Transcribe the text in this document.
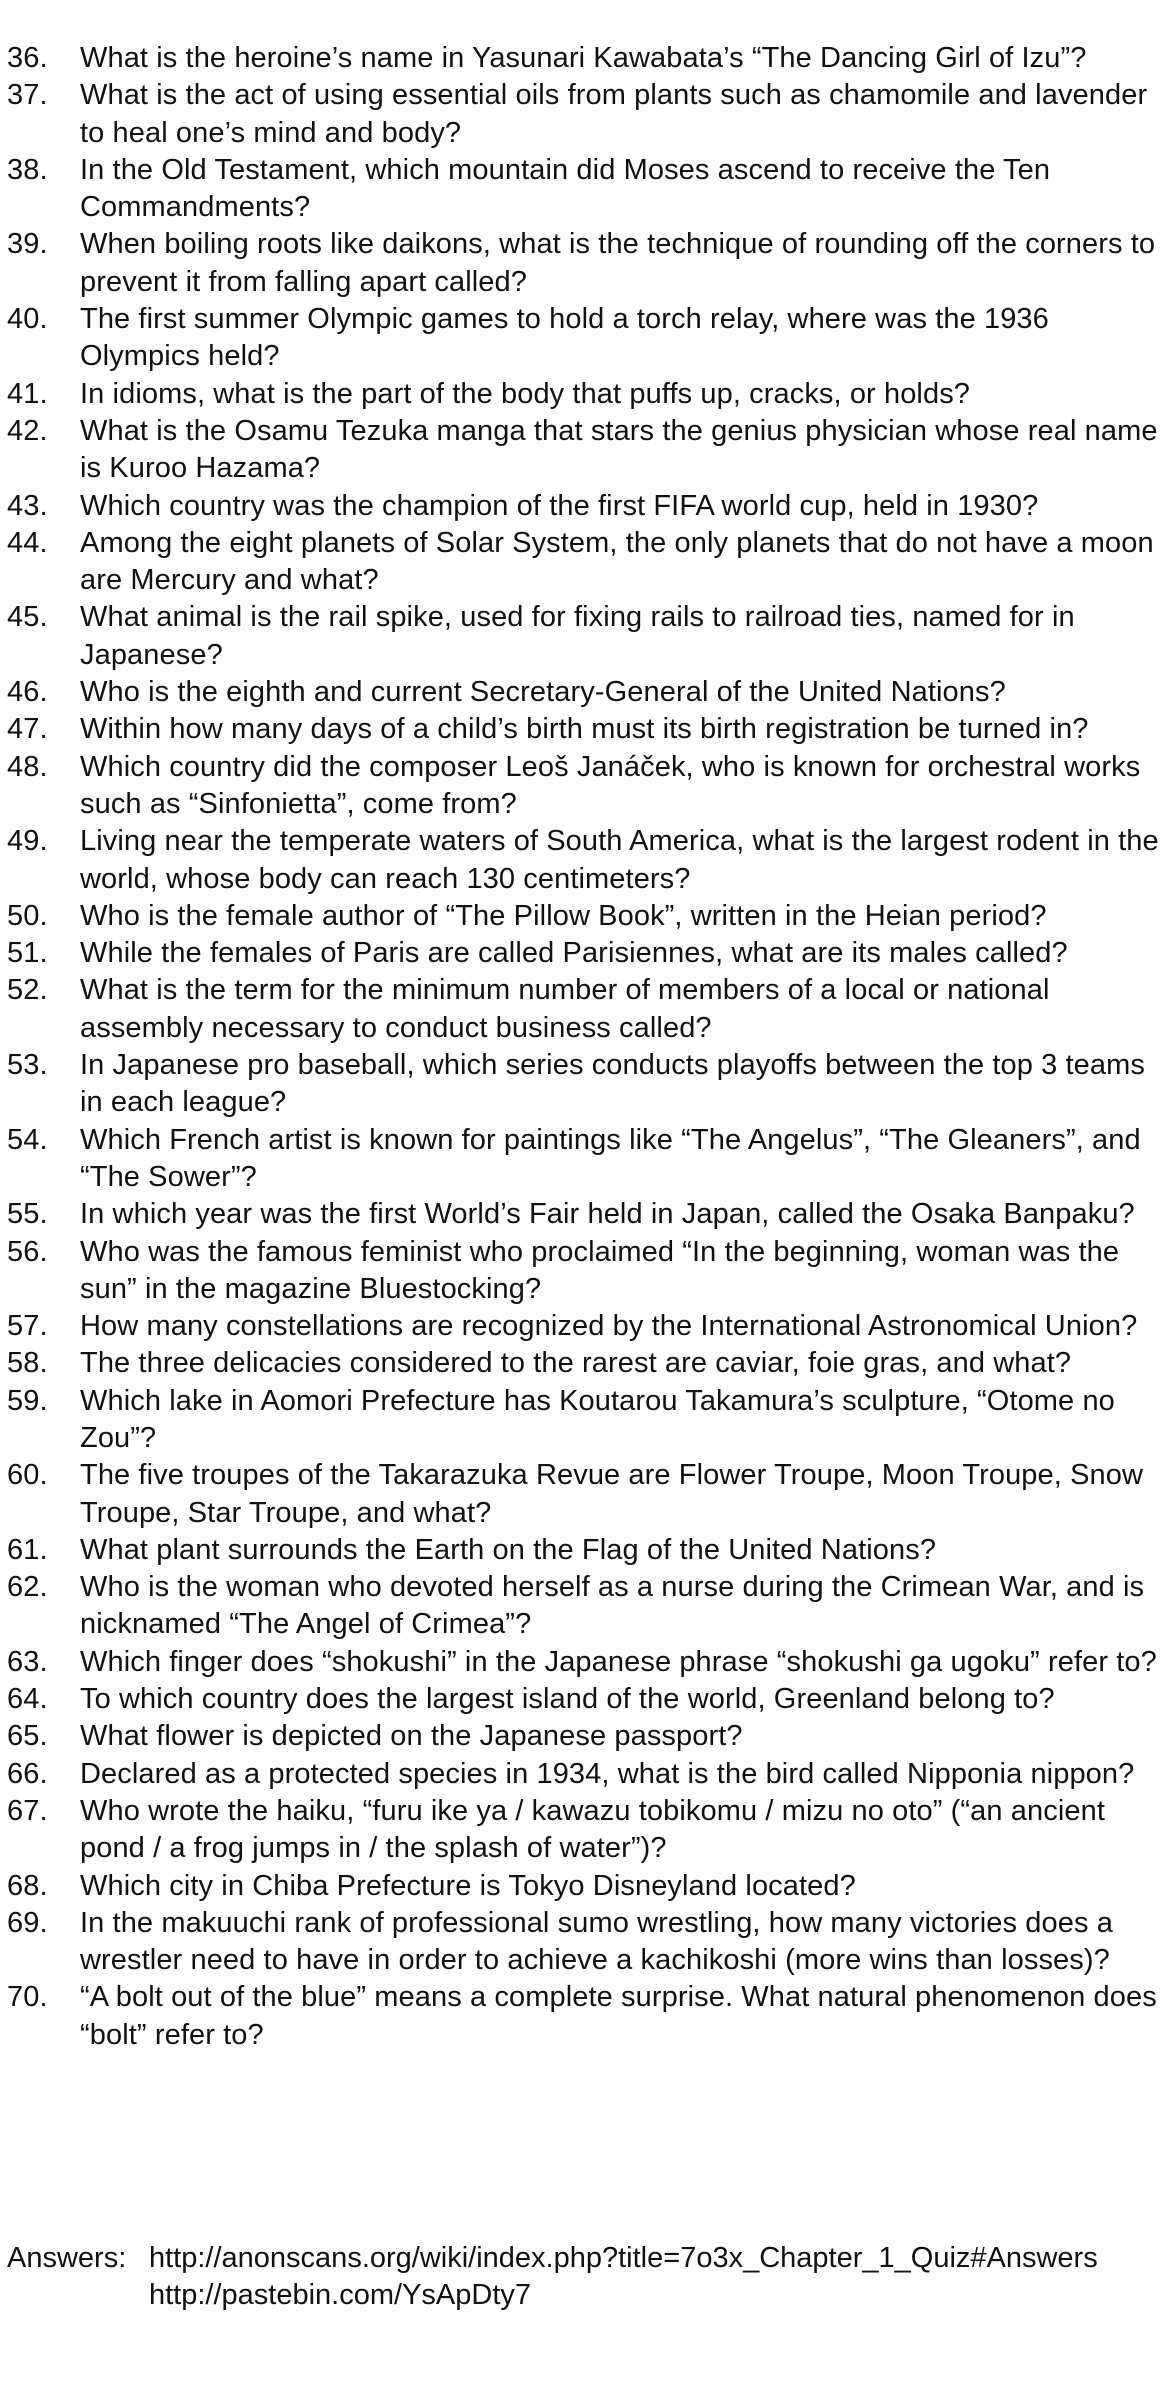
36.	What is the heroine’s name in Yasunari Kawabata’s “The Dancing Girl of Izu”?
37.	What is the act of using essential oils from plants such as chamomile and lavender to heal one’s mind and body?
38.	In the Old Testament, which mountain did Moses ascend to receive the Ten Commandments?
39.	When boiling roots like daikons, what is the technique of rounding off the corners to prevent it from falling apart called?
40.	The first summer Olympic games to hold a torch relay, where was the 1936 Olympics held?
41.	In idioms, what is the part of the body that puffs up, cracks, or holds?
42.	What is the Osamu Tezuka manga that stars the genius physician whose real name is Kuroo Hazama?
43.	Which country was the champion of the first FIFA world cup, held in 1930?
44.	Among the eight planets of Solar System, the only planets that do not have a moon are Mercury and what?
45.	What animal is the rail spike, used for fixing rails to railroad ties, named for in Japanese?
46.	Who is the eighth and current Secretary-General of the United Nations?
47.	Within how many days of a child’s birth must its birth registration be turned in?
48.	Which country did the composer Leoš Janáček, who is known for orchestral works such as “Sinfonietta”, come from?
49.	Living near the temperate waters of South America, what is the largest rodent in the world, whose body can reach 130 centimeters?
50.	Who is the female author of “The Pillow Book”, written in the Heian period?
51.	While the females of Paris are called Parisiennes, what are its males called?
52.	What is the term for the minimum number of members of a local or national assembly necessary to conduct business called?
53.	In Japanese pro baseball, which series conducts playoffs between the top 3 teams in each league?
54.	Which French artist is known for paintings like “The Angelus”, “The Gleaners”, and “The Sower”?
55.	In which year was the first World’s Fair held in Japan, called the Osaka Banpaku?
56.	Who was the famous feminist who proclaimed “In the beginning, woman was the sun” in the magazine Bluestocking?
57.	How many constellations are recognized by the International Astronomical Union?
58.	The three delicacies considered to the rarest are caviar, foie gras, and what?
59.	Which lake in Aomori Prefecture has Koutarou Takamura’s sculpture, “Otome no Zou”?
60.	The five troupes of the Takarazuka Revue are Flower Troupe, Moon Troupe, Snow Troupe, Star Troupe, and what?
61.	What plant surrounds the Earth on the Flag of the United Nations?
62.	Who is the woman who devoted herself as a nurse during the Crimean War, and is nicknamed “The Angel of Crimea”?
63.	Which finger does “shokushi” in the Japanese phrase “shokushi ga ugoku” refer to?
64.	To which country does the largest island of the world, Greenland belong to?
65.	What flower is depicted on the Japanese passport?
66.	Declared as a protected species in 1934, what is the bird called Nipponia nippon?
67.	Who wrote the haiku, “furu ike ya / kawazu tobikomu / mizu no oto” (“an ancient pond / a frog jumps in / the splash of water”)?
68.	Which city in Chiba Prefecture is Tokyo Disneyland located?
69.	In the makuuchi rank of professional sumo wrestling, how many victories does a wrestler need to have in order to achieve a kachikoshi (more wins than losses)?
70.	“A bolt out of the blue” means a complete surprise. What natural phenomenon does “bolt” refer to?
Answers: http://anonscans.org/wiki/index.php?title=7o3x_Chapter_1_Quiz#Answers
http://pastebin.com/YsApDty7
